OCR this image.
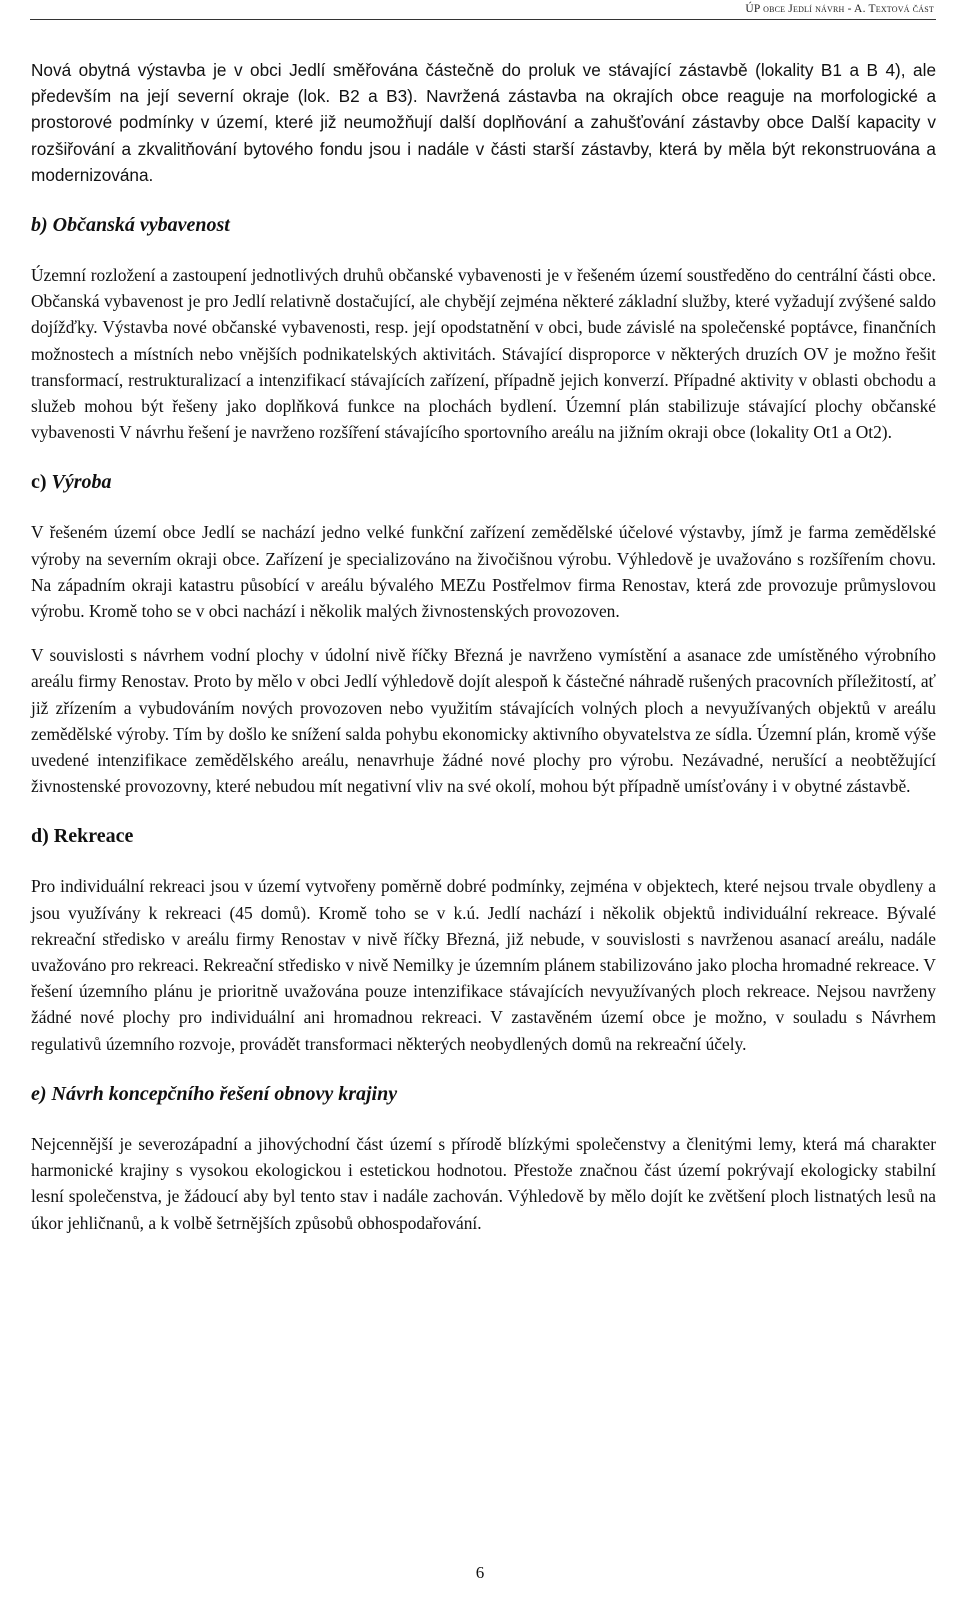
ÚP obce Jedlí návrh - A. Textová část

Nová obytná výstavba je v obci Jedlí směřována částečně do proluk ve stávající zástavbě (lokality B1 a B 4), ale především na její severní okraje (lok. B2 a B3). Navržená zástavba na okrajích obce reaguje na morfologické a prostorové podmínky v území, které již neumožňují další doplňování a zahušťování zástavby obce Další kapacity v rozšiřování a zkvalitňování bytového fondu jsou i nadále v části starší zástavby, která by měla být rekonstruována a modernizována.

b) Občanská vybavenost

Územní rozložení a zastoupení jednotlivých druhů občanské vybavenosti je v řešeném území soustředěno do centrální části obce. Občanská vybavenost je pro Jedlí relativně dostačující, ale chybějí zejména některé základní služby, které vyžadují zvýšené saldo dojížďky. Výstavba nové občanské vybavenosti, resp. její opodstatnění v obci, bude závislé na společenské poptávce, finančních možnostech a místních nebo vnějších podnikatelských aktivitách. Stávající disproporce v některých druzích OV je možno řešit transformací, restrukturalizací a intenzifikací stávajících zařízení, případně jejich konverzí. Případné aktivity v oblasti obchodu a služeb mohou být řešeny jako doplňková funkce na plochách bydlení. Územní plán stabilizuje stávající plochy občanské vybavenosti V návrhu řešení je navrženo rozšíření stávajícího sportovního areálu na jižním okraji obce (lokality Ot1 a Ot2).

c) Výroba

V řešeném území obce Jedlí se nachází jedno velké funkční zařízení zemědělské účelové výstavby, jímž je farma zemědělské výroby na severním okraji obce. Zařízení je specializováno na živočišnou výrobu. Výhledově je uvažováno s rozšířením chovu. Na západním okraji katastru působící v areálu bývalého MEZu Postřelmov firma Renostav, která zde provozuje průmyslovou výrobu. Kromě toho se v obci nachází i několik malých živnostenských provozoven.

V souvislosti s návrhem vodní plochy v údolní nivě říčky Březná je navrženo vymístění a asanace zde umístěného výrobního areálu firmy Renostav. Proto by mělo v obci Jedlí výhledově dojít alespoň k částečné náhradě rušených pracovních příležitostí, ať již zřízením a vybudováním nových provozoven nebo využitím stávajících volných ploch a nevyužívaných objektů v areálu zemědělské výroby. Tím by došlo ke snížení salda pohybu ekonomicky aktivního obyvatelstva ze sídla. Územní plán, kromě výše uvedené intenzifikace zemědělského areálu, nenavrhuje žádné nové plochy pro výrobu. Nezávadné, nerušící a neobtěžující živnostenské provozovny, které nebudou mít negativní vliv na své okolí, mohou být případně umísťovány i v obytné zástavbě.

d) Rekreace

Pro individuální rekreaci jsou v území vytvořeny poměrně dobré podmínky, zejména v objektech, které nejsou trvale obydleny a jsou využívány k rekreaci (45 domů). Kromě toho se v k.ú. Jedlí nachází i několik objektů individuální rekreace. Bývalé rekreační středisko v areálu firmy Renostav v nivě říčky Březná, již nebude, v souvislosti s navrženou asanací areálu, nadále uvažováno pro rekreaci. Rekreační středisko v nivě Nemilky je územním plánem stabilizováno jako plocha hromadné rekreace. V řešení územního plánu je prioritně uvažována pouze intenzifikace stávajících nevyužívaných ploch rekreace. Nejsou navrženy žádné nové plochy pro individuální ani hromadnou rekreaci. V zastavěném území obce je možno, v souladu s Návrhem regulativů územního rozvoje, provádět transformaci některých neobydlených domů na rekreační účely.

e) Návrh koncepčního řešení obnovy krajiny

Nejcennější je severozápadní a jihovýchodní část území s přírodě blízkými společenstvy a členitými lemy, která má charakter harmonické krajiny s vysokou ekologickou i estetickou hodnotou. Přestože značnou část území pokrývají ekologicky stabilní lesní společenstva, je žádoucí aby byl tento stav i nadále zachován. Výhledově by mělo dojít ke zvětšení ploch listnatých lesů na úkor jehličnanů, a k volbě šetrnějších způsobů obhospodařování.

6
